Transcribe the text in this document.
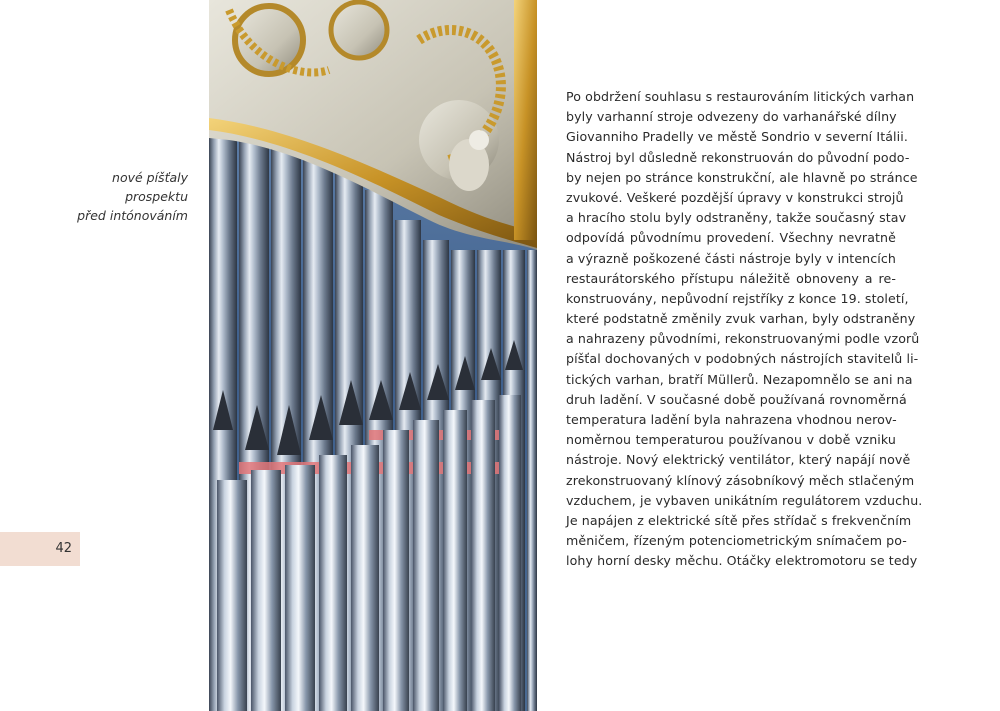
nové píšťaly
prospektu
před intónováním
42
Po obdržení souhlasu s restaurováním litických varhan
byly varhanní stroje odvezeny do varhanářské dílny
Giovanniho Pradelly ve městě Sondrio v severní Itálii.
Nástroj byl důsledně rekonstruován do původní podo-
by nejen po stránce konstrukční, ale hlavně po stránce
zvukové. Veškeré pozdější úpravy v konstrukci strojů
a hracího stolu byly odstraněny, takže současný stav
odpovídá původnímu provedení. Všechny nevratně
a výrazně poškozené části nástroje byly v intencích
restaurátorského přístupu náležitě obnoveny a re-
konstruovány, nepůvodní rejstříky z konce 19. století,
které podstatně změnily zvuk varhan, byly odstraněny
a nahrazeny původními, rekonstruovanými podle vzorů
píšťal dochovaných v podobných nástrojích stavitelů li-
tických varhan, bratří Müllerů. Nezapomnělo se ani na
druh ladění. V současné době používaná rovnoměrná
temperatura ladění byla nahrazena vhodnou nerov-
noměrnou temperaturou používanou v době vzniku
nástroje. Nový elektrický ventilátor, který napájí nově
zrekonstruovaný klínový zásobníkový měch stlačeným
vzduchem, je vybaven unikátním regulátorem vzduchu.
Je napájen z elektrické sítě přes střídač s frekvenčním
měničem, řízeným potenciometrickým snímačem po-
lohy horní desky měchu. Otáčky elektromotoru se tedy
